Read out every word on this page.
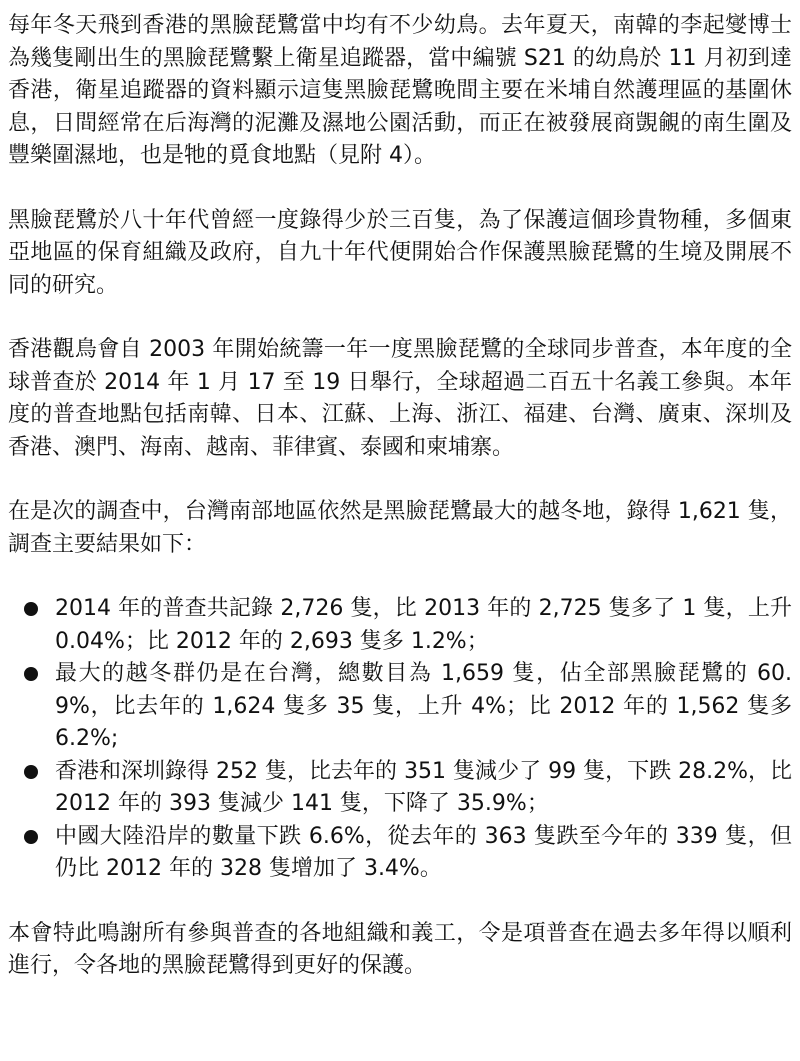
每年冬天飛到香港的黑臉琵鷺當中均有不少幼鳥。去年夏天，南韓的李起燮博士為幾隻剛出生的黑臉琵鷺繫上衛星追蹤器，當中編號 S21 的幼鳥於 11 月初到達香港，衛星追蹤器的資料顯示這隻黑臉琵鷺晚間主要在米埔自然護理區的基圍休息，日間經常在后海灣的泥灘及濕地公園活動，而正在被發展商覬覦的南生圍及豐樂圍濕地，也是牠的覓食地點（見附 4）。

黑臉琵鷺於八十年代曾經一度錄得少於三百隻，為了保護這個珍貴物種，多個東亞地區的保育組織及政府，自九十年代便開始合作保護黑臉琵鷺的生境及開展不同的研究。

香港觀鳥會自 2003 年開始統籌一年一度黑臉琵鷺的全球同步普查，本年度的全球普查於 2014 年 1 月 17 至 19 日舉行，全球超過二百五十名義工參與。本年度的普查地點包括南韓、日本、江蘇、上海、浙江、福建、台灣、廣東、深圳及香港、澳門、海南、越南、菲律賓、泰國和柬埔寨。

在是次的調查中，台灣南部地區依然是黑臉琵鷺最大的越冬地，錄得 1,621 隻，調查主要結果如下：

2014 年的普查共記錄 2,726 隻，比 2013 年的 2,725 隻多了 1 隻，上升 0.04%；比 2012 年的 2,693 隻多 1.2%；
最大的越冬群仍是在台灣，總數目為 1,659 隻，佔全部黑臉琵鷺的 60.9%，比去年的 1,624 隻多 35 隻，上升 4%；比 2012 年的 1,562 隻多 6.2%;
香港和深圳錄得 252 隻，比去年的 351 隻減少了 99 隻，下跌 28.2%，比 2012 年的 393 隻減少 141 隻，下降了 35.9%；
中國大陸沿岸的數量下跌 6.6%，從去年的 363 隻跌至今年的 339 隻，但仍比 2012 年的 328 隻增加了 3.4%。

本會特此鳴謝所有參與普查的各地組織和義工，令是項普查在過去多年得以順利進行，令各地的黑臉琵鷺得到更好的保護。
